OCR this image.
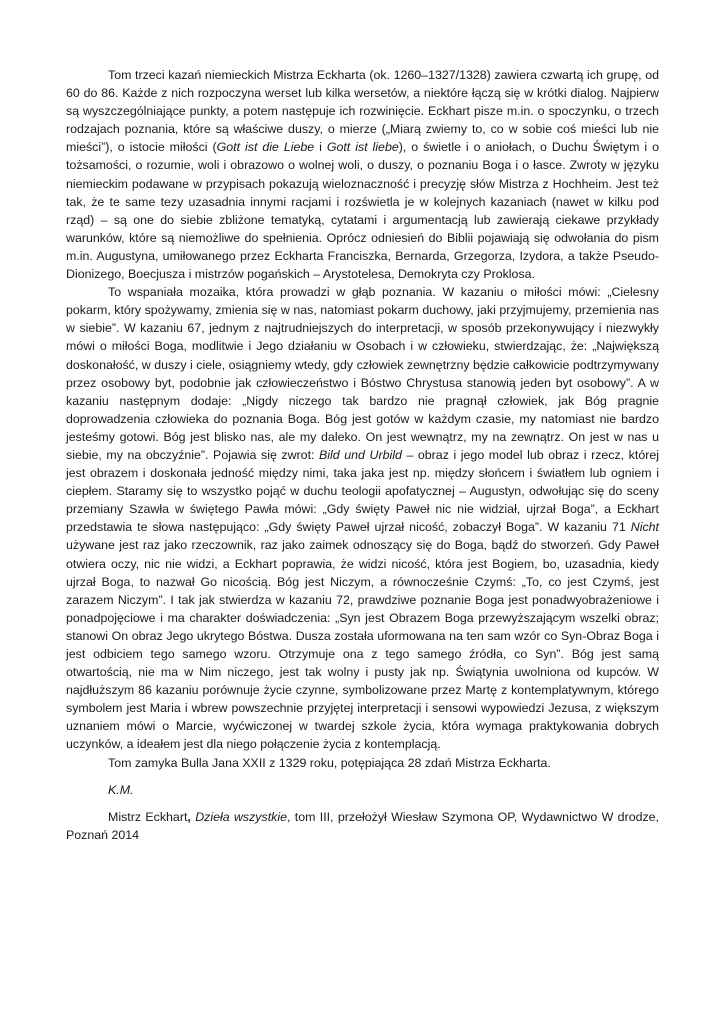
Tom trzeci kazań niemieckich Mistrza Eckharta (ok. 1260–1327/1328) zawiera czwartą ich grupę, od 60 do 86. Każde z nich rozpoczyna werset lub kilka wersetów, a niektóre łączą się w krótki dialog. Najpierw są wyszczególniające punkty, a potem następuje ich rozwinięcie. Eckhart pisze m.in. o spoczynku, o trzech rodzajach poznania, które są właściwe duszy, o mierze („Miarą zwiemy to, co w sobie coś mieści lub nie mieści”), o istocie miłości (Gott ist die Liebe i Gott ist liebe), o świetle i o aniołach, o Duchu Świętym i o tożsamości, o rozumie, woli i obrazowo o wolnej woli, o duszy, o poznaniu Boga i o łasce. Zwroty w języku niemieckim podawane w przypisach pokazują wieloznaczność i precyzję słów Mistrza z Hochheim. Jest też tak, że te same tezy uzasadnia innymi racjami i rozświetla je w kolejnych kazaniach (nawet w kilku pod rząd) – są one do siebie zbliżone tematyką, cytatami i argumentacją lub zawierają ciekawe przykłady warunków, które są niemożliwe do spełnienia. Oprócz odniesień do Biblii pojawiają się odwołania do pism m.in. Augustyna, umiłowanego przez Eckharta Franciszka, Bernarda, Grzegorza, Izydora, a także Pseudo-Dionizego, Boecjusza i mistrzów pogańskich – Arystotelesa, Demokryta czy Proklosa.

To wspaniała mozaika, która prowadzi w głąb poznania. W kazaniu o miłości mówi: „Cielesny pokarm, który spożywamy, zmienia się w nas, natomiast pokarm duchowy, jaki przyjmujemy, przemienia nas w siebie”. W kazaniu 67, jednym z najtrudniejszych do interpretacji, w sposób przekonywujący i niezwykły mówi o miłości Boga, modlitwie i Jego działaniu w Osobach i w człowieku, stwierdzając, że: „Największą doskonałość, w duszy i ciele, osiągniemy wtedy, gdy człowiek zewnętrzny będzie całkowicie podtrzymywany przez osobowy byt, podobnie jak człowieczeństwo i Bóstwo Chrystusa stanowią jeden byt osobowy”. A w kazaniu następnym dodaje: „Nigdy niczego tak bardzo nie pragnął człowiek, jak Bóg pragnie doprowadzenia człowieka do poznania Boga. Bóg jest gotów w każdym czasie, my natomiast nie bardzo jesteśmy gotowi. Bóg jest blisko nas, ale my daleko. On jest wewnątrz, my na zewnątrz. On jest w nas u siebie, my na obczyźnie”. Pojawia się zwrot: Bild und Urbild – obraz i jego model lub obraz i rzecz, której jest obrazem i doskonała jedność między nimi, taka jaka jest np. między słońcem i światłem lub ogniem i ciepłem. Staramy się to wszystko pojąć w duchu teologii apofatycznej – Augustyn, odwołując się do sceny przemiany Szawła w świętego Pawła mówi: „Gdy święty Paweł nic nie widział, ujrzał Boga”, a Eckhart przedstawia te słowa następująco: „Gdy święty Paweł ujrzał nicość, zobaczył Boga”. W kazaniu 71 Nicht używane jest raz jako rzeczownik, raz jako zaimek odnoszący się do Boga, bądź do stworzeń. Gdy Paweł otwiera oczy, nic nie widzi, a Eckhart poprawia, że widzi nicość, która jest Bogiem, bo, uzasadnia, kiedy ujrzał Boga, to nazwał Go nicością. Bóg jest Niczym, a równocześnie Czymś: „To, co jest Czymś, jest zarazem Niczym”. I tak jak stwierdza w kazaniu 72, prawdziwe poznanie Boga jest ponadwyobrażeniowe i ponadpojęciowe i ma charakter doświadczenia: „Syn jest Obrazem Boga przewyższającym wszelki obraz; stanowi On obraz Jego ukrytego Bóstwa. Dusza została uformowana na ten sam wzór co Syn-Obraz Boga i jest odbiciem tego samego wzoru. Otrzymuje ona z tego samego źródła, co Syn”. Bóg jest samą otwartością, nie ma w Nim niczego, jest tak wolny i pusty jak np. Świątynia uwolniona od kupców. W najdłuższym 86 kazaniu porównuje życie czynne, symbolizowane przez Martę z kontemplatywnym, którego symbolem jest Maria i wbrew powszechnie przyjętej interpretacji i sensowi wypowiedzi Jezusa, z większym uznaniem mówi o Marcie, wyćwiczonej w twardej szkole życia, która wymaga praktykowania dobrych uczynków, a ideałem jest dla niego połączenie życia z kontemplacją.

Tom zamyka Bulla Jana XXII z 1329 roku, potępiająca 28 zdań Mistrza Eckharta.

K.M.

Mistrz Eckhart, Dzieła wszystkie, tom III, przełożył Wiesław Szymona OP, Wydawnictwo W drodze, Poznań 2014
